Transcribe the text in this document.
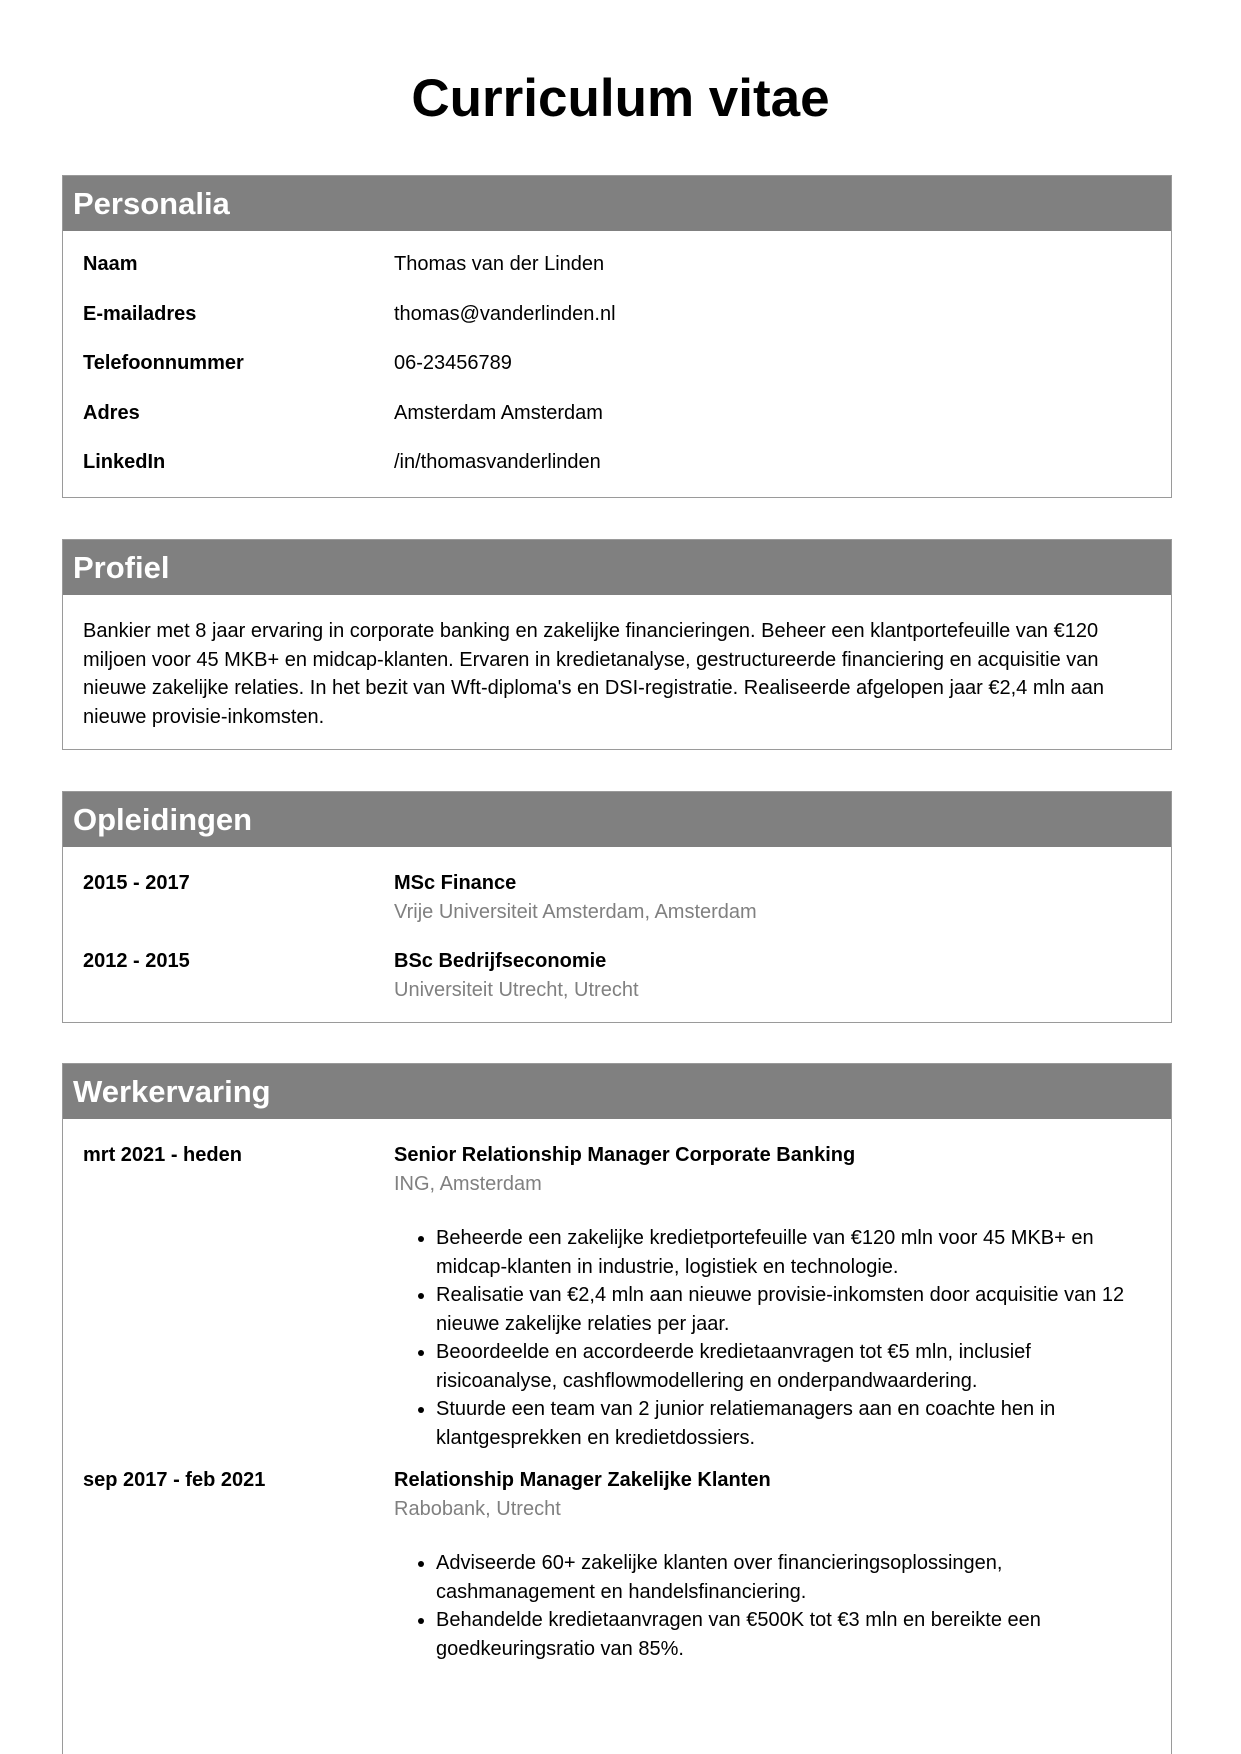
Curriculum vitae
Personalia
Naam	Thomas van der Linden
E-mailadres	thomas@vanderlinden.nl
Telefoonnummer	06-23456789
Adres	Amsterdam Amsterdam
LinkedIn	/in/thomasvanderlinden
Profiel

Bankier met 8 jaar ervaring in corporate banking en zakelijke financieringen. Beheer een klantportefeuille van €120 miljoen voor 45 MKB+ en midcap-klanten. Ervaren in kredietanalyse, gestructureerde financiering en acquisitie van nieuwe zakelijke relaties. In het bezit van Wft-diploma's en DSI-registratie. Realiseerde afgelopen jaar €2,4 mln aan nieuwe provisie-inkomsten.

Opleidingen
2015 - 2017	MSc Finance
Vrije Universiteit Amsterdam, Amsterdam
2012 - 2015	BSc Bedrijfseconomie
Universiteit Utrecht, Utrecht
Werkervaring
mrt 2021 - heden	Senior Relationship Manager Corporate Banking
ING, Amsterdam
• Beheerde een zakelijke kredietportefeuille van €120 mln voor 45 MKB+ en midcap-klanten in industrie, logistiek en technologie.
• Realisatie van €2,4 mln aan nieuwe provisie-inkomsten door acquisitie van 12 nieuwe zakelijke relaties per jaar.
• Beoordeelde en accordeerde kredietaanvragen tot €5 mln, inclusief risicoanalyse, cashflowmodellering en onderpandwaardering.
• Stuurde een team van 2 junior relatiemanagers aan en coachte hen in klantgesprekken en kredietdossiers.
sep 2017 - feb 2021	Relationship Manager Zakelijke Klanten
Rabobank, Utrecht
• Adviseerde 60+ zakelijke klanten over financieringsoplossingen, cashmanagement en handelsfinanciering.
• Behandelde kredietaanvragen van €500K tot €3 mln en bereikte een goedkeuringsratio van 85%.
